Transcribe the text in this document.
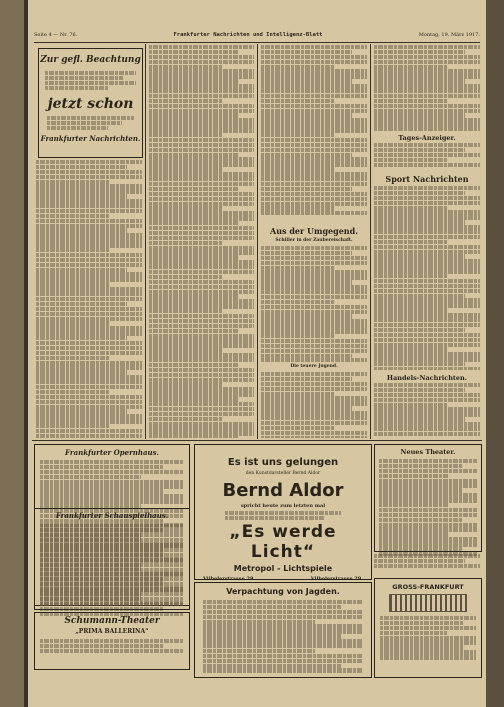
Seite 4 — Nr. 76.	Frankfurter Nachrichten und Intelligenz-Blatt	Montag, 19. März 1917.
Zur gefl. Beachtung
jetzt schon
Frankfurter Nachrichten.
Aus der Umgegend.
Schiller in der Zaubereischaft.
Die teuere Jugend.
Tages-Anzeiger.
Sport Nachrichten
Handels-Nachrichten.
Frankfurter Opernhaus.
Frankfurter Schauspielhaus.
Schumann-Theater
„PRIMA BALLERINA“
Es ist uns gelungen
den Kunstdarsteller Bernd Aldor
Bernd Aldor
spricht heute zum letzten mal
„Es werde Licht“
Metropol - Lichtspiele
Vilbelerstrasse 29.	Vilbelerstrasse 29.
Verpachtung von Jagden.
Neues Theater.
GROSS-FRANKFURT
